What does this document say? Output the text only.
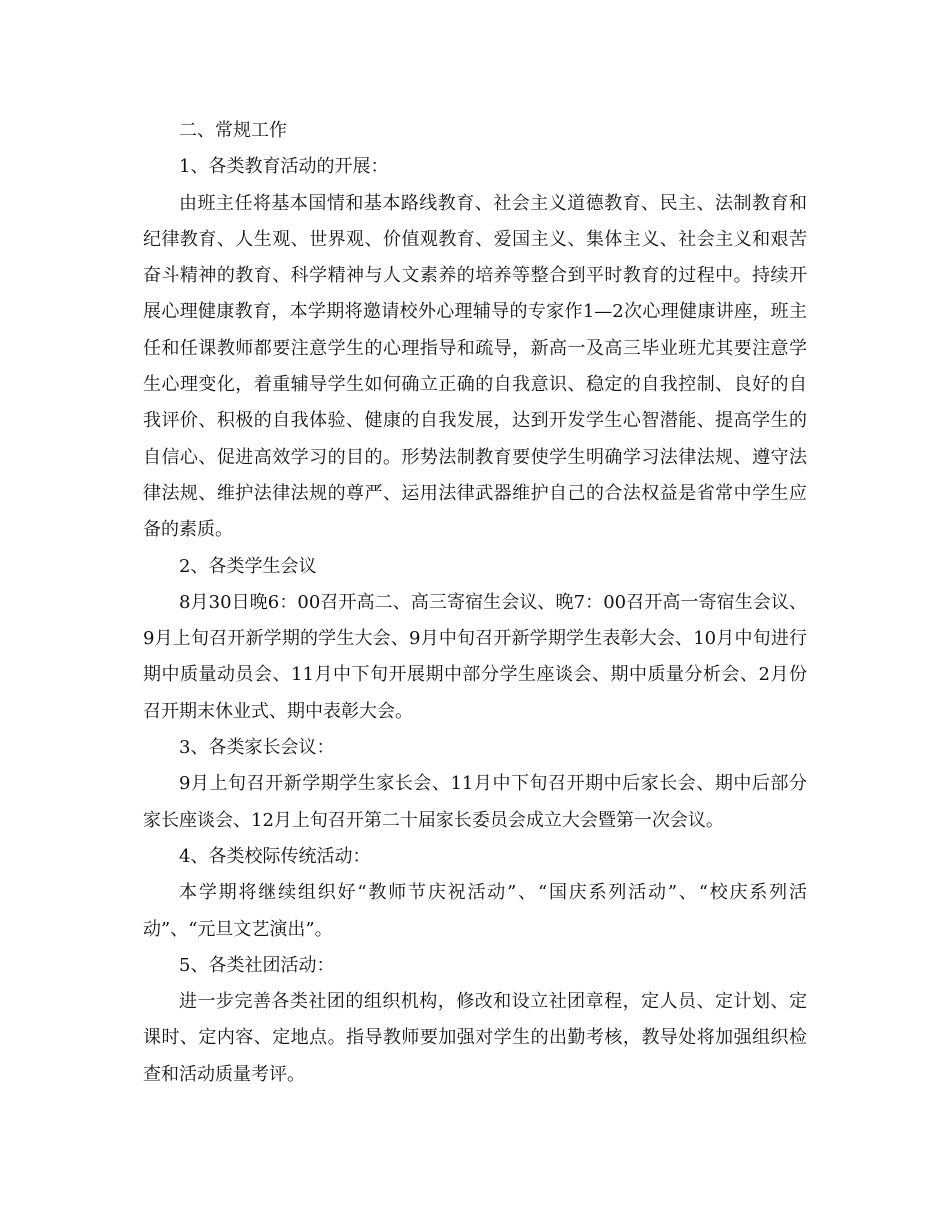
二、常规工作

1、各类教育活动的开展：

由班主任将基本国情和基本路线教育、社会主义道德教育、民主、法制教育和纪律教育、人生观、世界观、价值观教育、爱国主义、集体主义、社会主义和艰苦奋斗精神的教育、科学精神与人文素养的培养等整合到平时教育的过程中。持续开展心理健康教育，本学期将邀请校外心理辅导的专家作1—2次心理健康讲座，班主任和任课教师都要注意学生的心理指导和疏导，新高一及高三毕业班尤其要注意学生心理变化，着重辅导学生如何确立正确的自我意识、稳定的自我控制、良好的自我评价、积极的自我体验、健康的自我发展，达到开发学生心智潜能、提高学生的自信心、促进高效学习的目的。形势法制教育要使学生明确学习法律法规、遵守法律法规、维护法律法规的尊严、运用法律武器维护自己的合法权益是省常中学生应备的素质。

2、各类学生会议

8月30日晚6：00召开高二、高三寄宿生会议、晚7：00召开高一寄宿生会议、9月上旬召开新学期的学生大会、9月中旬召开新学期学生表彰大会、10月中旬进行期中质量动员会、11月中下旬开展期中部分学生座谈会、期中质量分析会、2月份召开期末休业式、期中表彰大会。

3、各类家长会议：

9月上旬召开新学期学生家长会、11月中下旬召开期中后家长会、期中后部分家长座谈会、12月上旬召开第二十届家长委员会成立大会暨第一次会议。

4、各类校际传统活动：

本学期将继续组织好“教师节庆祝活动”、“国庆系列活动”、“校庆系列活动”、“元旦文艺演出”。

5、各类社团活动：

进一步完善各类社团的组织机构，修改和设立社团章程，定人员、定计划、定课时、定内容、定地点。指导教师要加强对学生的出勤考核，教导处将加强组织检查和活动质量考评。
